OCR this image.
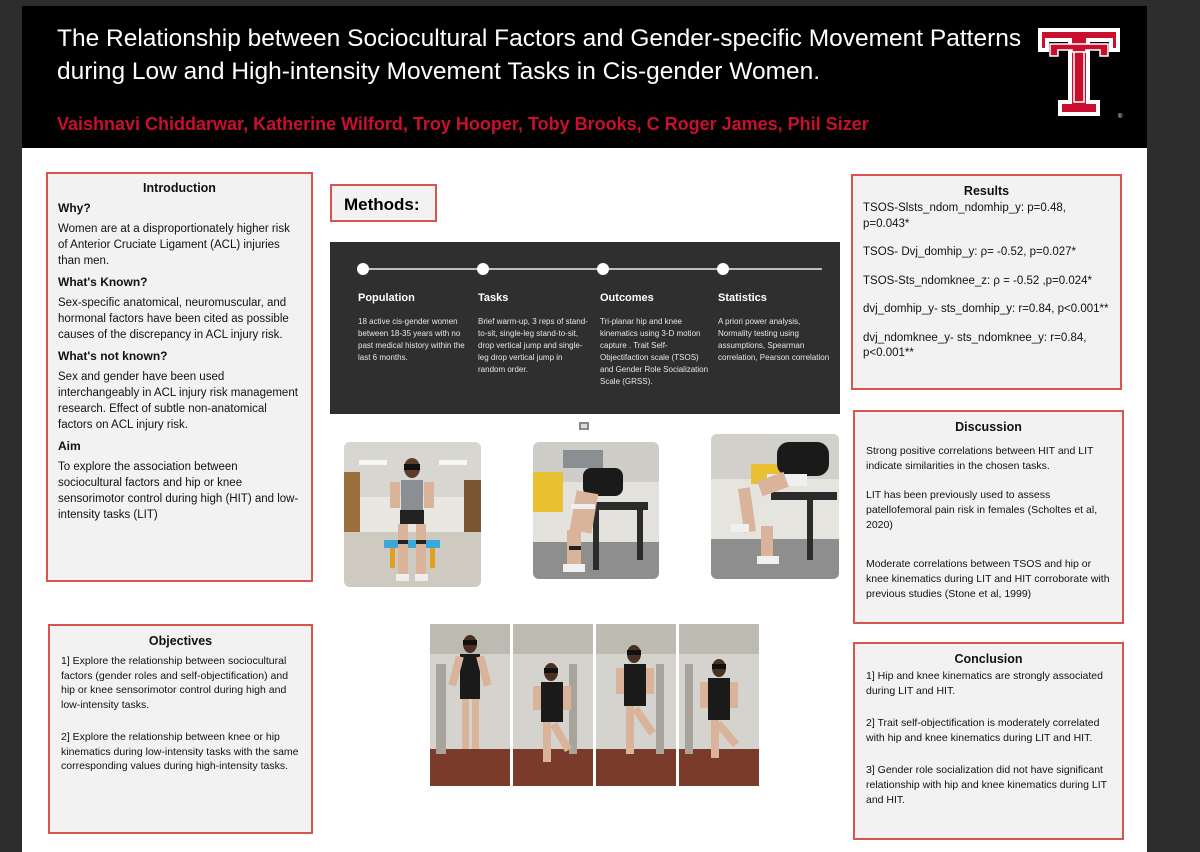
The Relationship between Sociocultural Factors and Gender-specific Movement Patterns
during Low and High-intensity Movement Tasks in Cis-gender Women.
Vaishnavi Chiddarwar, Katherine Wilford, Troy Hooper, Toby Brooks, C Roger James, Phil Sizer	®
Introduction
Why?
Women are at a disproportionately higher risk of Anterior Cruciate Ligament (ACL) injuries than men.
What's Known?
Sex-specific anatomical, neuromuscular, and hormonal factors have been cited as possible causes of the discrepancy in ACL injury risk.
What's not known?
Sex and gender have been used interchangeably in ACL injury risk management research. Effect of subtle non-anatomical factors on ACL injury risk.
Aim
To explore the association between sociocultural factors and hip or knee sensorimotor control during high (HIT) and low-intensity tasks (LIT)
Objectives
1] Explore the relationship between sociocultural factors (gender roles and self-objectification) and hip or knee sensorimotor control during high and low-intensity tasks.
2] Explore the relationship between knee or hip kinematics during low-intensity tasks with the same corresponding values during high-intensity tasks.
Methods:
Population
18 active cis-gender women between 18-35 years with no past medical history within the last 6 months.
Tasks
Brief warm-up, 3 reps of stand-to-sit, single-leg stand-to-sit, drop vertical jump and single- leg drop vertical jump in random order.
Outcomes
Tri-planar hip and knee kinematics using 3-D motion capture . Trait Self-Objectifaction scale (TSOS) and Gender Role Socialization Scale (GRSS).
Statistics
A priori power analysis, Normality testing using assumptions, Spearman correlation, Pearson correlation
Results
TSOS-Slsts_ndom_ndomhip_y: p=0.48, p=0.043*
TSOS- Dvj_domhip_y: ρ= -0.52, p=0.027*
TSOS-Sts_ndomknee_z: ρ = -0.52 ,p=0.024*
dvj_domhip_y- sts_domhip_y: r=0.84, p<0.001**
dvj_ndomknee_y- sts_ndomknee_y: r=0.84, p<0.001**
Discussion
Strong positive correlations between HIT and LIT indicate similarities in the chosen tasks.
LIT has been previously used to assess patellofemoral pain risk in females (Scholtes et al, 2020)
Moderate correlations between TSOS and hip or knee kinematics during LIT and HIT corroborate with previous studies (Stone et al, 1999)
Conclusion
1] Hip and knee kinematics are strongly associated during LIT and HIT.
2] Trait self-objectification is moderately correlated with hip and knee kinematics during LIT and HIT.
3] Gender role socialization did not have significant relationship with hip and knee kinematics during LIT and HIT.
